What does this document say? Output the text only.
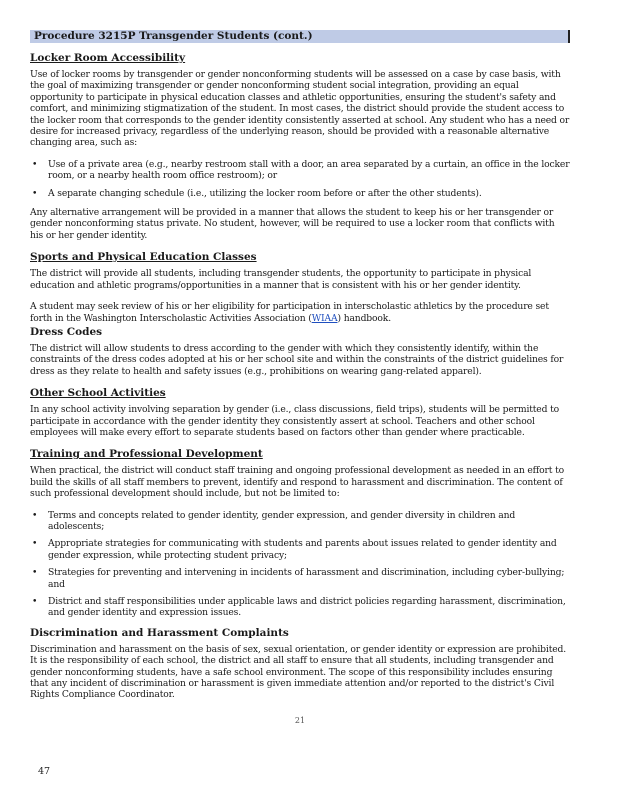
Procedure 3215P Transgender Students (cont.)
Locker Room Accessibility

Use of locker rooms by transgender or gender nonconforming students will be assessed on a case by case basis, with the goal of maximizing transgender or gender nonconforming student social integration, providing an equal opportunity to participate in physical education classes and athletic opportunities, ensuring the student's safety and comfort, and minimizing stigmatization of the student. In most cases, the district should provide the student access to the locker room that corresponds to the gender identity consistently asserted at school. Any student who has a need or desire for increased privacy, regardless of the underlying reason, should be provided with a reasonable alternative changing area, such as:

• Use of a private area (e.g., nearby restroom stall with a door, an area separated by a curtain, an office in the locker room, or a nearby health room office restroom); or
• A separate changing schedule (i.e., utilizing the locker room before or after the other students).

Any alternative arrangement will be provided in a manner that allows the student to keep his or her transgender or gender nonconforming status private. No student, however, will be required to use a locker room that conflicts with his or her gender identity.

Sports and Physical Education Classes

The district will provide all students, including transgender students, the opportunity to participate in physical education and athletic programs/opportunities in a manner that is consistent with his or her gender identity.

A student may seek review of his or her eligibility for participation in interscholastic athletics by the procedure set forth in the Washington Interscholastic Activities Association (WIAA) handbook.

Dress Codes

The district will allow students to dress according to the gender with which they consistently identify, within the constraints of the dress codes adopted at his or her school site and within the constraints of the district guidelines for dress as they relate to health and safety issues (e.g., prohibitions on wearing gang-related apparel).

Other School Activities

In any school activity involving separation by gender (i.e., class discussions, field trips), students will be permitted to participate in accordance with the gender identity they consistently assert at school. Teachers and other school employees will make every effort to separate students based on factors other than gender where practicable.

Training and Professional Development

When practical, the district will conduct staff training and ongoing professional development as needed in an effort to build the skills of all staff members to prevent, identify and respond to harassment and discrimination. The content of such professional development should include, but not be limited to:

• Terms and concepts related to gender identity, gender expression, and gender diversity in children and adolescents;
• Appropriate strategies for communicating with students and parents about issues related to gender identity and gender expression, while protecting student privacy;
• Strategies for preventing and intervening in incidents of harassment and discrimination, including cyber-bullying; and
• District and staff responsibilities under applicable laws and district policies regarding harassment, discrimination, and gender identity and expression issues.
Discrimination and Harassment Complaints

Discrimination and harassment on the basis of sex, sexual orientation, or gender identity or expression are prohibited. It is the responsibility of each school, the district and all staff to ensure that all students, including transgender and gender nonconforming students, have a safe school environment. The scope of this responsibility includes ensuring that any incident of discrimination or harassment is given immediate attention and/or reported to the district's Civil Rights Compliance Coordinator.

21
47
